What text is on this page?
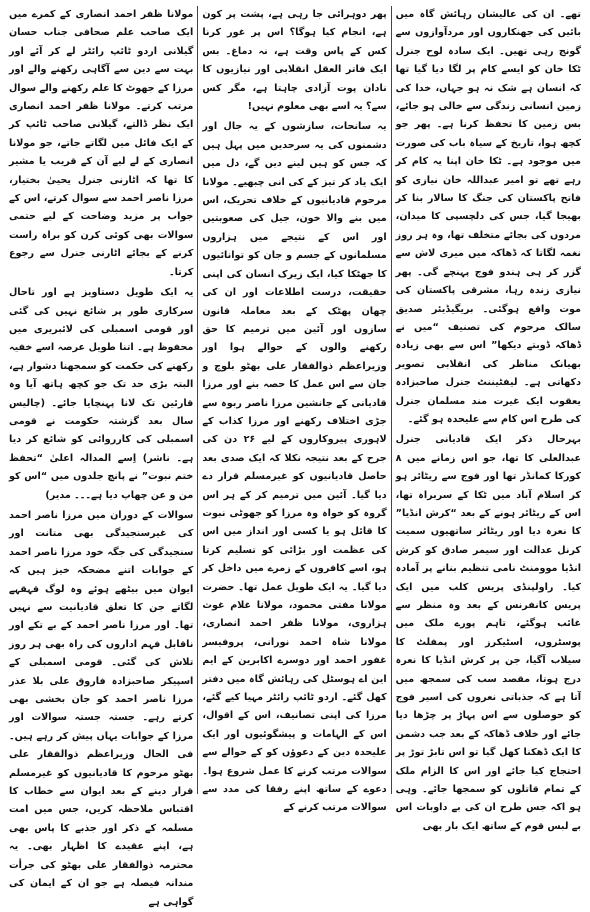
تھے۔ ان کی عالیشان رہائش گاہ میں بائیں کی جھنکاروں اور مردآوازوں سے گونج رہی تھیں۔ ایک سادہ لوح جنرل ٹکا خان کو ایسے کام پر لگا دیا گیا تھا کہ انسان ہے شک نہ ہو جہاں، خدا کی زمین انسانی زندگی سے خالی ہو جائے، بس زمین کا تحفظ کرنا ہے۔ پھر جو کچھ ہوا، تاریخ کے سیاہ باب کی صورت میں موجود ہے۔ ٹکا خان اپنا یہ کام کر رہے تھے تو امیر عبداللہ خان نیازی کو فاتح پاکستان کی جنگ کا سالار بنا کر بھیجا گیا، جس کی دلچسپی کا میدان، مردوں کی بجائے متخلف تھا، وہ ہر روز نغمہ لگاتا کہ ڈھاکہ میں میری لاش سے گزر کر ہی ہندو فوج پہنچے گی۔ پھر نیازی زندہ رہا، مشرقی پاکستان کی موت واقع ہوگئی۔ بریگیڈیئر صدیق سالک مرحوم کی تصنیف “میں نے ڈھاکہ ڈوبتے دیکھا” اس سے بھی زیادہ بھیانک مناظر کی انقلابی تصویر دکھاتی ہے۔ لیفٹیننٹ جنرل صاحبزادہ یعقوب ایک غیرت مند مسلمان جنرل کی طرح اس کام سے علیحدہ ہو گئے۔

بہرحال ذکر ایک قادیانی جنرل عبدالعلی کا تھا، جو اس زمانے میں ۸ کورکا کمانڈر تھا اور فوج سے ریٹائر ہو کر اسلام آباد میں ٹکا کے سربراہ تھا، اس کے ریٹائر ہونے کے بعد “کرش انڈیا” کا نعرہ دیا اور ریٹائر ساتھیوں سمیت کرنل عدالت اور سیمر صادق کو کرش انڈیا موومنٹ نامی تنظیم بنانے پر آمادہ کیا۔ راولپنڈی پریس کلب میں ایک پریس کانفرنس کے بعد وہ منظر سے غائب ہوگئے، تاہم پورے ملک میں پوسٹروں، اسٹیکرز اور پمفلٹ کا سیلاب آگیا، جن پر کرش انڈیا کا نعرہ درج ہوتا، مقصد سب کی سمجھ میں آتا ہے کہ جذباتی نعروں کی اسیر فوج کو حوصلوں سے اس پہاڑ پر چڑھا دیا جائے اور خلاف ڈھاکہ کے بعد جب دشمن کا ایک ڈھکنا کھل گیا تو اس تابڑ توڑ پر احتجاج کیا جائے اور اس کا الزام ملک کے تمام قاتلوں کو سمجھا جائے۔ وہی ہو اکہ جس طرح ان کی بے داوبات اس بے لبس قوم کے ساتھ ایک بار بھی

پھر دوہرائی جا رہی ہے، پشت پر کون ہے، انجام کیا ہوگا؟ اس پر غور کرنا کس کے پاس وقت ہے، نہ دماغ۔ بس ایک فاتر العقل انقلابی اور نیازیوں کا نادان پوت آزادی چاہتا ہے، مگر کس سے؟ یہ اسے بھی معلوم نہیں!

یہ سانحات، سازشوں کے یہ جال اور دشمنوں کی یہ سرحدیں میں پہل ہیں کہ جس کو ہیں لینے دیں گے، دل میں ایک یاد کر تیز کے کی انی چبھیے۔ مولانا مرحوم قادیانیوں کے خلاف تحریک، اس میں بنے والا خون، جیل کی صعوبتیں اور اس کے نتیجے میں ہزاروں مسلمانوں کے جسم و جان کو توانائیوں کا جھٹکا کیا، ایک زیرک انسان کی اپنی حقیقت، درست اطلاعات اور ان کی چھان پھٹک کے بعد معاملہ قانون سازوں اور آئین میں ترمیم کا حق رکھنے والوں کے حوالے ہوا اور وزیراعظم ذوالفقار علی بھٹو بلوچ و جان سے اس عمل کا حصہ بنے اور مرزا قادیانی کے جانشین مرزا ناصر ربوہ سے جڑی اختلاف رکھنے اور مرزا کذاب کے لاہوری پیروکاروں کے لیے ۲۶ دن کی جرح کے بعد نتیجہ نکلا کہ ایک صدی بعد حاصل قادیانیوں کو غیرمسلم قرار دے دیا گیا۔ آئین میں ترمیم کر کے ہر اس گروہ کو خواہ وہ مرزا کو جھوٹی نبوت کا قائل ہو یا کسی اور انداز میں اس کی عظمت اور بڑائی کو تسلیم کرتا ہو، اسے کافروں کے زمرے میں داخل کر دیا گیا۔ یہ ایک طویل عمل تھا۔ حضرت مولانا مفتی محمود، مولانا غلام غوث ہزاروی، مولانا ظفر احمد انصاری، مولانا شاہ احمد نورانی، پروفیسر غفور احمد اور دوسرے اکابرین کے ایم این اے ہوسٹل کی رہائش گاہ میں دفتر کھل گئے۔ اردو ٹائپ رائٹر مہیا کیے گئے، مرزا کی اپنی تصانیف، اس کے اقوال، اس کے الہامات و پیشگوئیوں اور ایک علیحدہ دین کے دعوؤں کو کے حوالے سے سوالات مرتب کرنے کا عمل شروع ہوا۔ دعوے کے ساتھ اپنے رفقا کی مدد سے سوالات مرتب کرنے کے

مولانا ظفر احمد انصاری کے کمرے میں ایک صاحب علم صحافی جناب حسان گیلانی اردو ٹائپ رائٹر لے کر آئے اور بہت سے دین سے آگاہی رکھنے والے اور مرزا کے جھوٹ کا علم رکھنے والے سوال مرتب کرتے۔ مولانا ظفر احمد انصاری ایک نظر ڈالتے، گیلانی صاحب ٹائپ کر کے ایک فائل میں لگاتے جاتے، جو مولانا انصاری کے لے لیے آن کے قریب یا مشیر کا تھا کہ اٹارنی جنرل یحییٰ بختیار، مرزا ناصر احمد سے سوال کرتے، اس کے جواب پر مزید وضاحت کے لیے حتمی سوالات بھی کوئی کرن کو براہ راست کرنے کے بجائے اٹارنی جنرل سے رجوع کرتا۔

یہ ایک طویل دستاویز ہے اور تاحال سرکاری طور پر شائع نہیں کی گئی اور قومی اسمبلی کی لائبریری میں محفوظ ہے۔ اتنا طویل عرصہ اسے خفیہ رکھنے کی حکمت کو سمجھنا دشوار ہے، البتہ بڑی حد تک جو کچھ ہاتھ آیا وہ قارئین تک لانا پہنچایا جائے۔ (چالیس سال بعد گزشتہ حکومت نے قومی اسمبلی کی کارروائی کو شائع کر دیا ہے۔ ناشر) اِسے المدالہ اعلیٰ “تحفظ ختم نبوت” نے پانچ جلدوں میں “اس کو من و عن چھاپ دیا ہے۔۔۔ مدیر)

سوالات کے دوران میں مرزا ناصر احمد کی غیرسنجیدگی بھی متانت اور سنجیدگی کی جگہ خود مرزا ناصر احمد کے جوابات اتنے مضحکہ خیز ہیں کہ ایوان میں بیٹھے ہوئے وہ لوگ قہقہے لگاتے جن کا تعلق قادیانیت سے نہیں تھا۔ اور مرزا ناصر احمد کے بے تکے اور ناقابل فہم اداروں کی راہ بھی ہر روز تلاش کی گئی۔ قومی اسمبلی کے اسپیکر صاحبزادہ فاروق علی بلا عذر مرزا ناصر احمد کو جان بخشی بھی کرتے رہے۔ جستہ جستہ سوالات اور مرزا کے جوابات یہاں پیش کر رہے ہیں۔ فی الحال وزیراعظم ذوالفقار علی بھٹو مرحوم کا قادیانیوں کو غیرمسلم قرار دینے کے بعد ایوان سے خطاب کا اقتباس ملاحظہ کریں، جس میں امت مسلمہ کے ذکر اور جذبے کا پاس بھی ہے، اپنے عقیدے کا اظہار بھی۔ یہ محترمہ ذوالفقار علی بھٹو کی جرأت مندانہ فیصلہ ہے جو ان کے ایمان کی گواہی ہے
